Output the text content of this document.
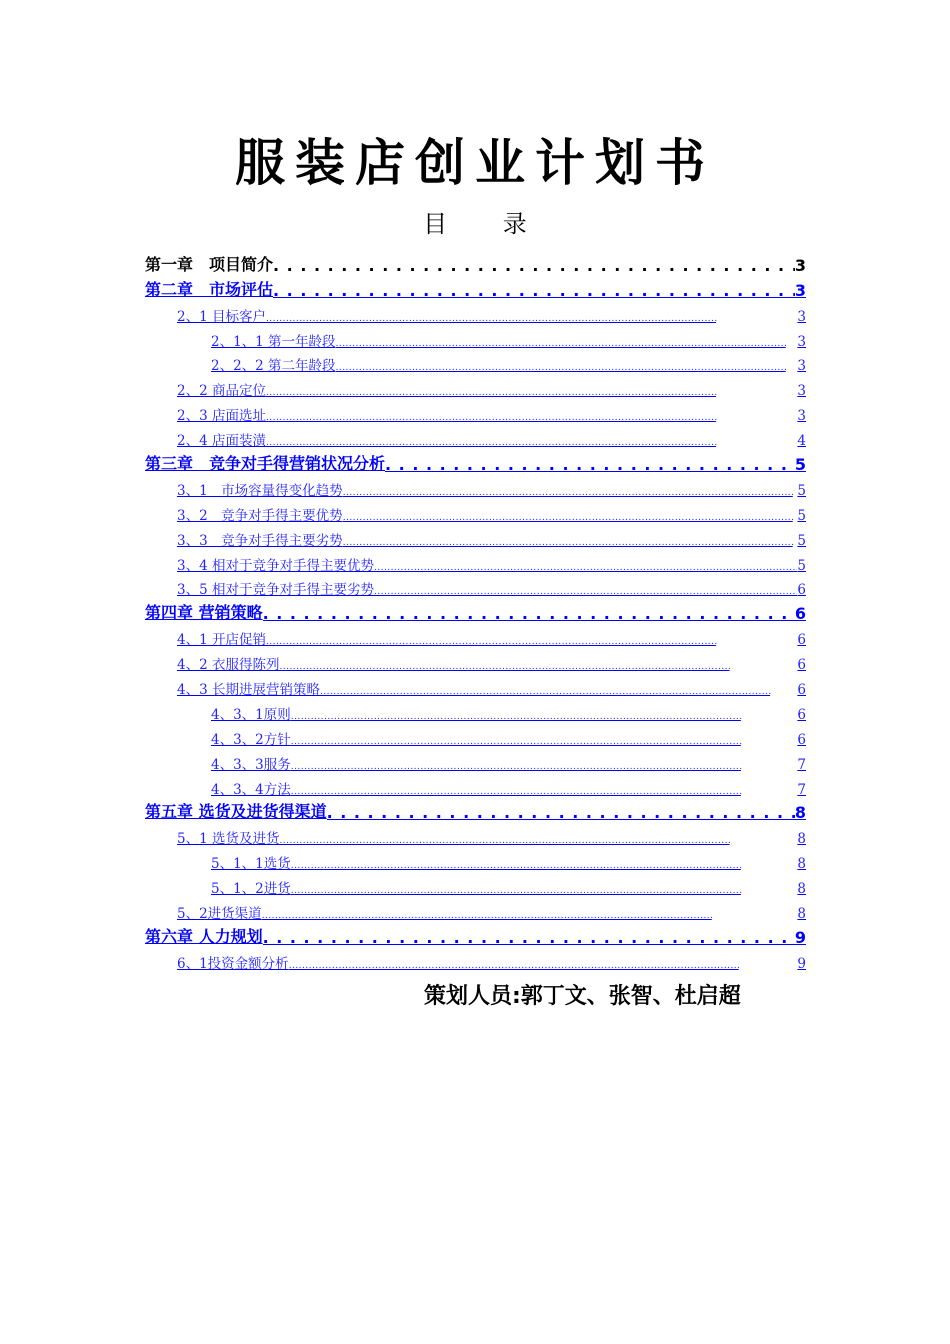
服装店创业计划书
目 录
第一章　项目简介 . . .	3
第二章　市场评估 . . .	3
2、1 目标客户 . . .	3
2、1、1 第一年龄段 . . .	3
2、2、2 第二年龄段 . . .	3
2、2 商品定位 . . .	3
2、3 店面选址 . . .	3
2、4 店面装潢 . . .	4
第三章　竞争对手得营销状况分析 . . .	5
3、1　市场容量得变化趋势 . . .	5
3、2　竞争对手得主要优势 . . .	5
3、3　竞争对手得主要劣势 . . .	5
3、4 相对于竞争对手得主要优势 . . .	5
3、5 相对于竞争对手得主要劣势 . . .	6
第四章 营销策略 . . .	6
4、1 开店促销 . . .	6
4、2 衣服得陈列 . . .	6
4、3 长期进展营销策略 . . .	6
4、3、1原则 . . .	6
4、3、2方针 . . .	6
4、3、3服务 . . .	7
4、3、4方法 . . .	7
第五章 选货及进货得渠道 . . .	8
5、1 选货及进货 . . .	8
5、1、1选货 . . .	8
5、1、2进货 . . .	8
5、2进货渠道 . . .	8
第六章 人力规划 . . .	9
6、1投资金额分析 . . .	9
策划人员:郭丁文、张智、杜启超
